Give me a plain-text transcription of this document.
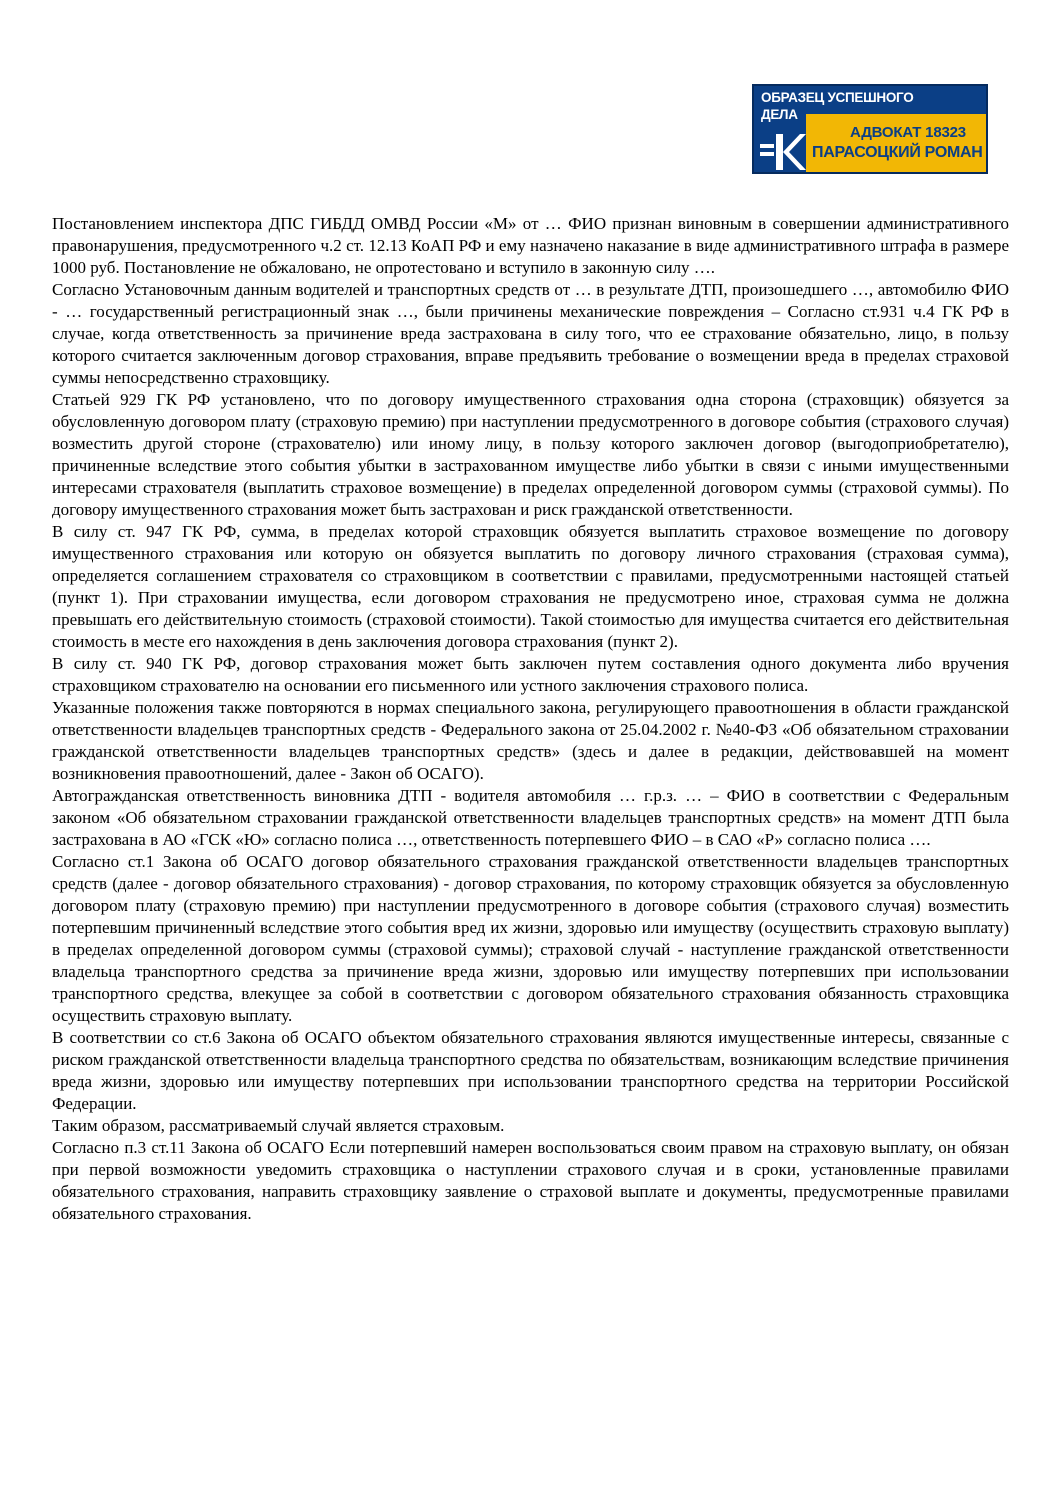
ОБРАЗЕЦ УСПЕШНОГО
ДЕЛА
АДВОКАТ 18323
ПАРАСОЦКИЙ РОМАН

Постановлением инспектора ДПС ГИБДД ОМВД России «М» от … ФИО признан виновным в совершении административного правонарушения, предусмотренного ч.2 ст. 12.13 КоАП РФ и ему назначено наказание в виде административного штрафа в размере 1000 руб. Постановление не обжаловано, не опротестовано и вступило в законную силу ….

Согласно Установочным данным водителей и транспортных средств от … в результате ДТП, произошедшего …, автомобилю ФИО - … государственный регистрационный знак …, были причинены механические повреждения – Согласно ст.931 ч.4 ГК РФ в случае, когда ответственность за причинение вреда застрахована в силу того, что ее страхование обязательно, лицо, в пользу которого считается заключенным договор страхования, вправе предъявить требование о возмещении вреда в пределах страховой суммы непосредственно страховщику.

Статьей 929 ГК РФ установлено, что по договору имущественного страхования одна сторона (страховщик) обязуется за обусловленную договором плату (страховую премию) при наступлении предусмотренного в договоре события (страхового случая) возместить другой стороне (страхователю) или иному лицу, в пользу которого заключен договор (выгодоприобретателю), причиненные вследствие этого события убытки в застрахованном имуществе либо убытки в связи с иными имущественными интересами страхователя (выплатить страховое возмещение) в пределах определенной договором суммы (страховой суммы). По договору имущественного страхования может быть застрахован и риск гражданской ответственности.

В силу ст. 947 ГК РФ, сумма, в пределах которой страховщик обязуется выплатить страховое возмещение по договору имущественного страхования или которую он обязуется выплатить по договору личного страхования (страховая сумма), определяется соглашением страхователя со страховщиком в соответствии с правилами, предусмотренными настоящей статьей (пункт 1). При страховании имущества, если договором страхования не предусмотрено иное, страховая сумма не должна превышать его действительную стоимость (страховой стоимости). Такой стоимостью для имущества считается его действительная стоимость в месте его нахождения в день заключения договора страхования (пункт 2).

В силу ст. 940 ГК РФ, договор страхования может быть заключен путем составления одного документа либо вручения страховщиком страхователю на основании его письменного или устного заключения страхового полиса.

Указанные положения также повторяются в нормах специального закона, регулирующего правоотношения в области гражданской ответственности владельцев транспортных средств - Федерального закона от 25.04.2002 г. №40-ФЗ «Об обязательном страховании гражданской ответственности владельцев транспортных средств» (здесь и далее в редакции, действовавшей на момент возникновения правоотношений, далее - Закон об ОСАГО).

Автогражданская ответственность виновника ДТП - водителя автомобиля … г.р.з. … – ФИО в соответствии с Федеральным законом «Об обязательном страховании гражданской ответственности владельцев транспортных средств» на момент ДТП была застрахована в АО «ГСК «Ю» согласно полиса …, ответственность потерпевшего ФИО – в САО «Р» согласно полиса ….

Согласно ст.1 Закона об ОСАГО договор обязательного страхования гражданской ответственности владельцев транспортных средств (далее - договор обязательного страхования) - договор страхования, по которому страховщик обязуется за обусловленную договором плату (страховую премию) при наступлении предусмотренного в договоре события (страхового случая) возместить потерпевшим причиненный вследствие этого события вред их жизни, здоровью или имуществу (осуществить страховую выплату) в пределах определенной договором суммы (страховой суммы); страховой случай - наступление гражданской ответственности владельца транспортного средства за причинение вреда жизни, здоровью или имуществу потерпевших при использовании транспортного средства, влекущее за собой в соответствии с договором обязательного страхования обязанность страховщика осуществить страховую выплату.

В соответствии со ст.6 Закона об ОСАГО объектом обязательного страхования являются имущественные интересы, связанные с риском гражданской ответственности владельца транспортного средства по обязательствам, возникающим вследствие причинения вреда жизни, здоровью или имуществу потерпевших при использовании транспортного средства на территории Российской Федерации.

Таким образом, рассматриваемый случай является страховым.

Согласно п.3 ст.11 Закона об ОСАГО Если потерпевший намерен воспользоваться своим правом на страховую выплату, он обязан при первой возможности уведомить страховщика о наступлении страхового случая и в сроки, установленные правилами обязательного страхования, направить страховщику заявление о страховой выплате и документы, предусмотренные правилами обязательного страхования.
